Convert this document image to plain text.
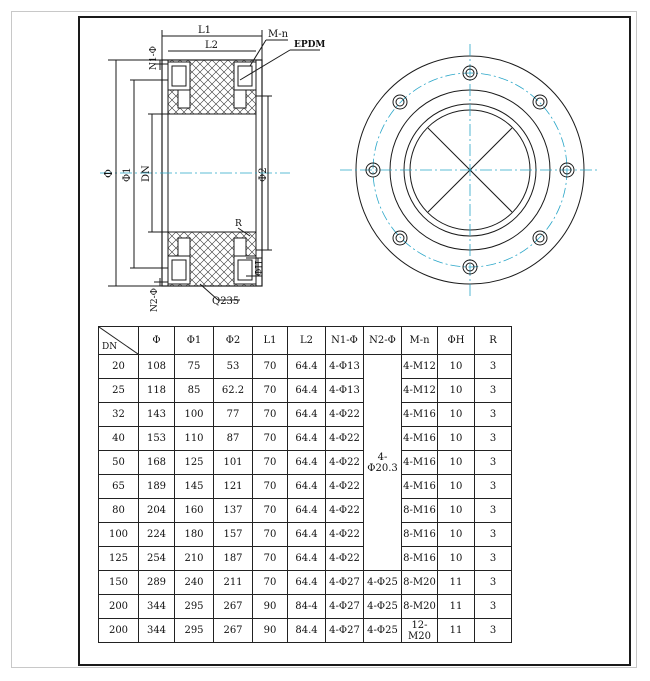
L1
L2
M-n
EPDM
N1-Φ
N2-Φ
Φ Φ1 DN	Φ2
R
ΦH
Q235
DN	Φ	Φ1	Φ2	L1	L2	N1-Φ	N2-Φ	M-n	ΦH	R
20	108	75	53	70	64.4	4-Φ13	4-Φ20.3	4-M12	10	3
25	118	85	62.2	70	64.4	4-Φ13		4-M12	10	3
32	143	100	77	70	64.4	4-Φ22		4-M16	10	3
40	153	110	87	70	64.4	4-Φ22		4-M16	10	3
50	168	125	101	70	64.4	4-Φ22		4-M16	10	3
65	189	145	121	70	64.4	4-Φ22		4-M16	10	3
80	204	160	137	70	64.4	4-Φ22		8-M16	10	3
100	224	180	157	70	64.4	4-Φ22		8-M16	10	3
125	254	210	187	70	64.4	4-Φ22		8-M16	10	3
150	289	240	211	70	64.4	4-Φ27	4-Φ25	8-M20	11	3
200	344	295	267	90	84-4	4-Φ27	4-Φ25	8-M20	11	3
200	344	295	267	90	84.4	4-Φ27	4-Φ25	12-M20	11	3
